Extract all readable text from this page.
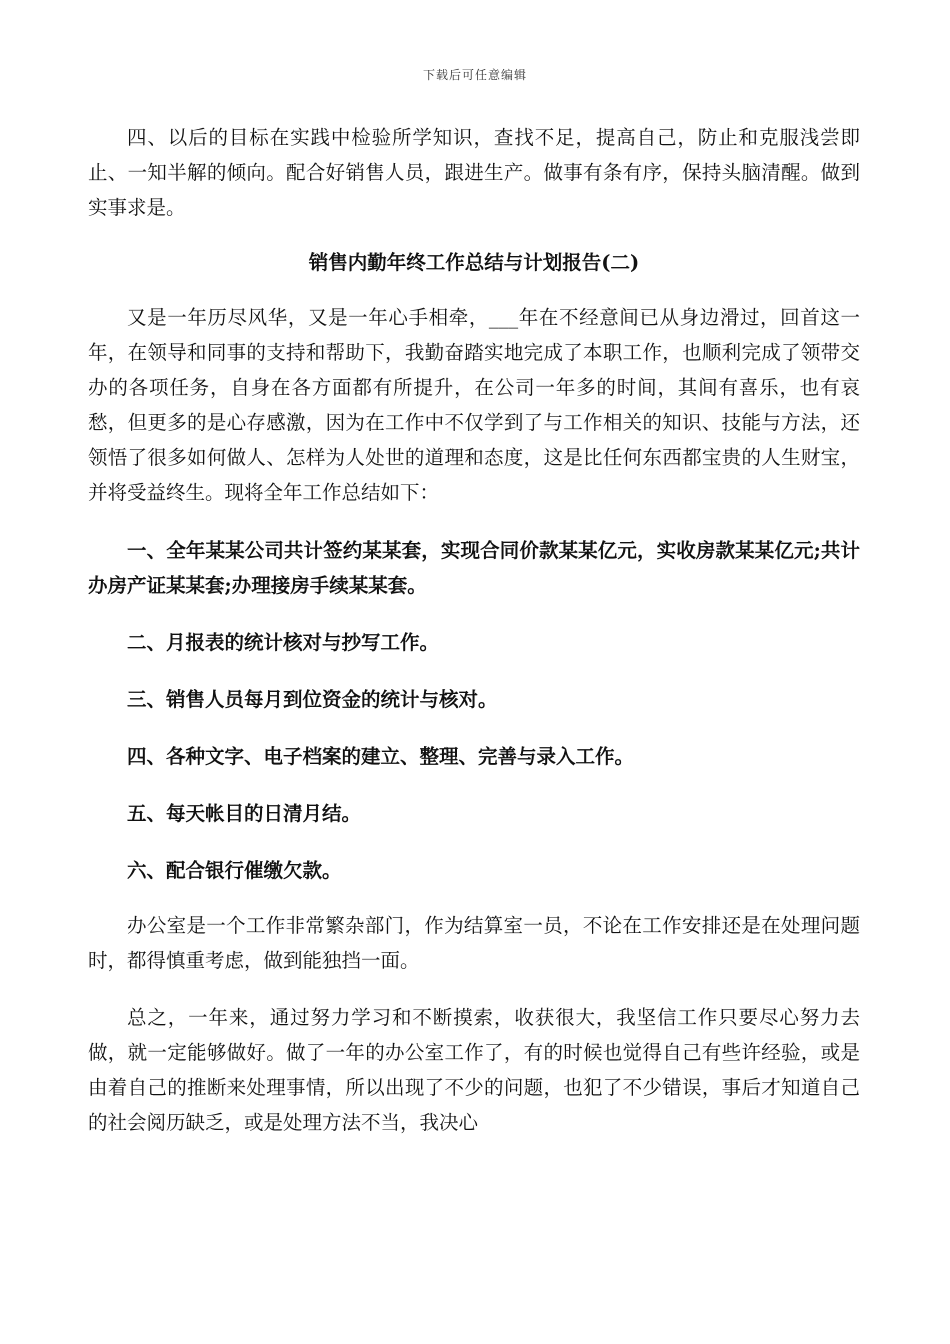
下载后可任意编辑

四、以后的目标在实践中检验所学知识，查找不足，提高自己，防止和克服浅尝即止、一知半解的倾向。配合好销售人员，跟进生产。做事有条有序，保持头脑清醒。做到实事求是。

销售内勤年终工作总结与计划报告(二)

又是一年历尽风华，又是一年心手相牵，___年在不经意间已从身边滑过，回首这一年，在领导和同事的支持和帮助下，我勤奋踏实地完成了本职工作，也顺利完成了领带交办的各项任务，自身在各方面都有所提升，在公司一年多的时间，其间有喜乐，也有哀愁，但更多的是心存感激，因为在工作中不仅学到了与工作相关的知识、技能与方法，还领悟了很多如何做人、怎样为人处世的道理和态度，这是比任何东西都宝贵的人生财宝，并将受益终生。现将全年工作总结如下：

一、全年某某公司共计签约某某套，实现合同价款某某亿元，实收房款某某亿元;共计办房产证某某套;办理接房手续某某套。

二、月报表的统计核对与抄写工作。

三、销售人员每月到位资金的统计与核对。

四、各种文字、电子档案的建立、整理、完善与录入工作。

五、每天帐目的日清月结。

六、配合银行催缴欠款。

办公室是一个工作非常繁杂部门，作为结算室一员，不论在工作安排还是在处理问题时，都得慎重考虑，做到能独挡一面。

总之，一年来，通过努力学习和不断摸索，收获很大，我坚信工作只要尽心努力去做，就一定能够做好。做了一年的办公室工作了，有的时候也觉得自己有些许经验，或是由着自己的推断来处理事情，所以出现了不少的问题，也犯了不少错误，事后才知道自己的社会阅历缺乏，或是处理方法不当，我决心
